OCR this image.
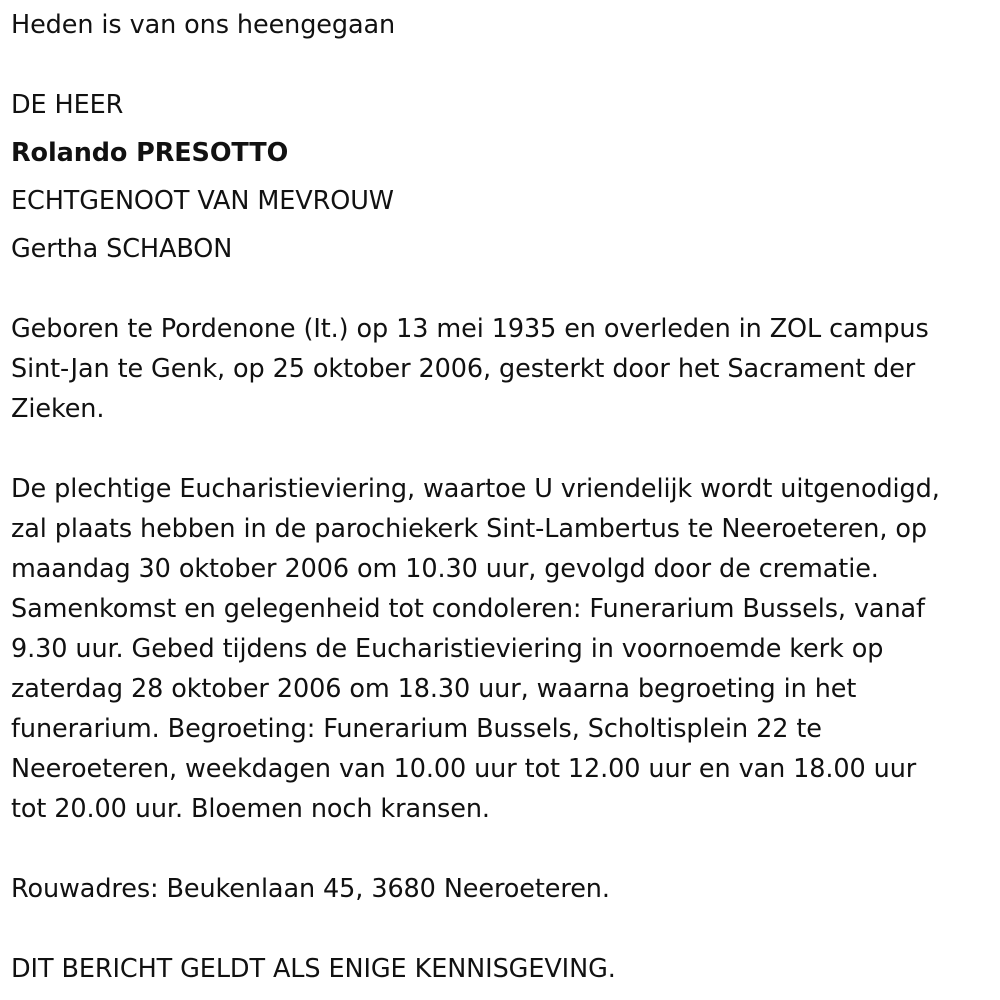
Heden is van ons heengegaan
DE HEER
Rolando PRESOTTO
ECHTGENOOT VAN MEVROUW
Gertha SCHABON
Geboren te Pordenone (It.) op 13 mei 1935 en overleden in ZOL campus
Sint-Jan te Genk, op 25 oktober 2006, gesterkt door het Sacrament der
Zieken.
De plechtige Eucharistieviering, waartoe U vriendelijk wordt uitgenodigd,
zal plaats hebben in de parochiekerk Sint-Lambertus te Neeroeteren, op
maandag 30 oktober 2006 om 10.30 uur, gevolgd door de crematie.
Samenkomst en gelegenheid tot condoleren: Funerarium Bussels, vanaf
9.30 uur. Gebed tijdens de Eucharistieviering in voornoemde kerk op
zaterdag 28 oktober 2006 om 18.30 uur, waarna begroeting in het
funerarium. Begroeting: Funerarium Bussels, Scholtisplein 22 te
Neeroeteren, weekdagen van 10.00 uur tot 12.00 uur en van 18.00 uur
tot 20.00 uur. Bloemen noch kransen.
Rouwadres: Beukenlaan 45, 3680 Neeroeteren.
DIT BERICHT GELDT ALS ENIGE KENNISGEVING.
